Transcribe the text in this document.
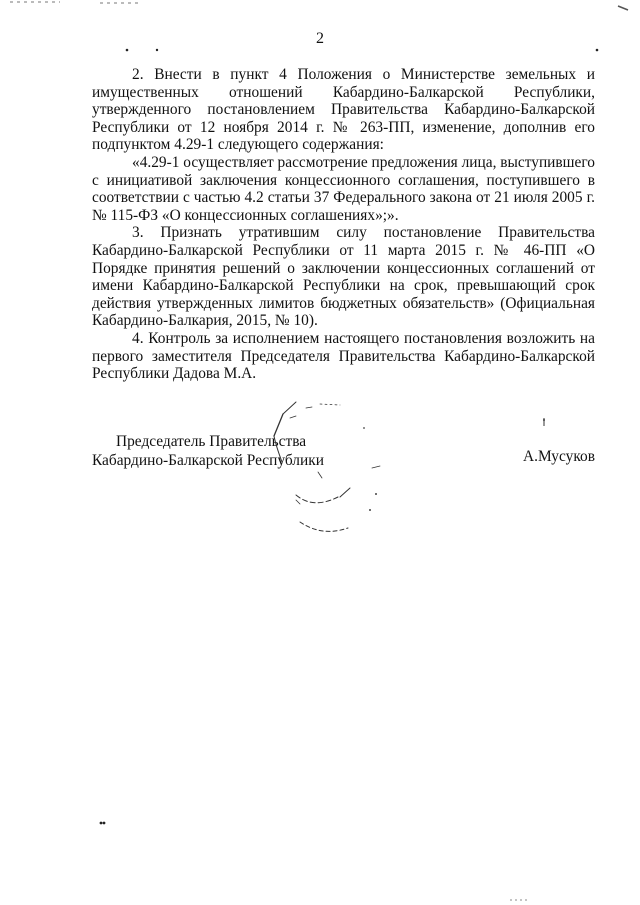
2

2. Внести в пункт 4 Положения о Министерстве земельных и имущественных отношений Кабардино-Балкарской Республики, утвержденного постановлением Правительства Кабардино-Балкарской Республики от 12 ноября 2014 г. № 263-ПП, изменение, дополнив его подпунктом 4.29-1 следующего содержания:

«4.29-1 осуществляет рассмотрение предложения лица, выступившего с инициативой заключения концессионного соглашения, поступившего в соответствии с частью 4.2 статьи 37 Федерального закона от 21 июля 2005 г. № 115-ФЗ «О концессионных соглашениях»;».

3. Признать утратившим силу постановление Правительства Кабардино-Балкарской Республики от 11 марта 2015 г. № 46-ПП «О Порядке принятия решений о заключении концессионных соглашений от имени Кабардино-Балкарской Республики на срок, превышающий срок действия утвержденных лимитов бюджетных обязательств» (Официальная Кабардино-Балкария, 2015, № 10).

4. Контроль за исполнением настоящего постановления возложить на первого заместителя Председателя Правительства Кабардино-Балкарской Республики Дадова М.А.

Председатель Правительства
Кабардино-Балкарской Республики	А.Мусуков
